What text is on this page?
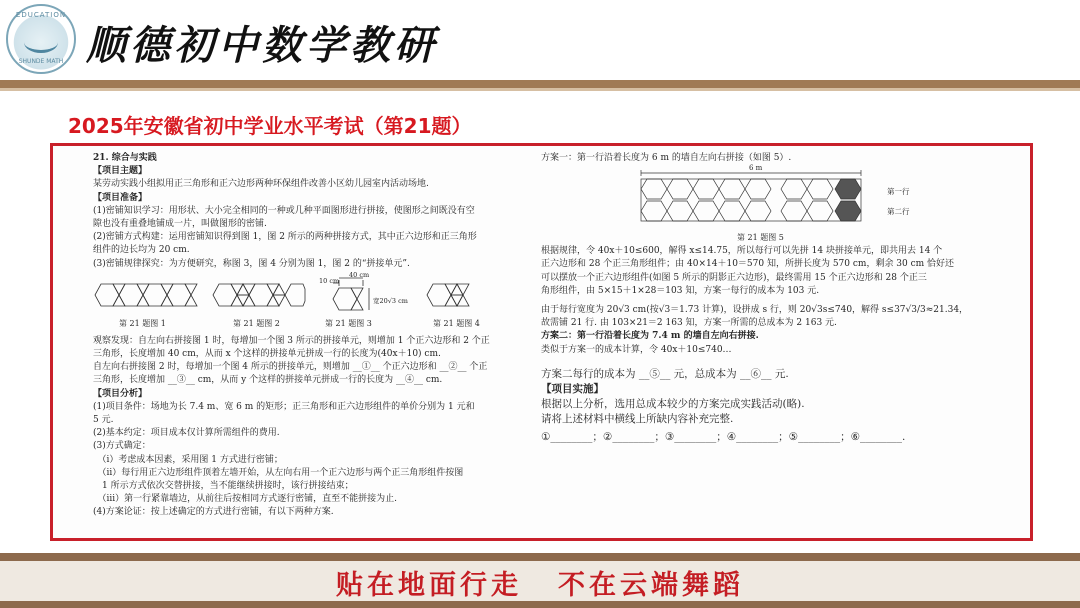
EDUCATION
SHUNDE MATH 顺德初中数学教研
2025年安徽省初中学业水平考试（第21题）

21. 综合与实践

【项目主题】

某劳动实践小组拟用正三角形和正六边形两种环保组件改善小区幼儿园室内活动场地.

【项目准备】

(1)密铺知识学习：用形状、大小完全相同的一种或几种平面图形进行拼接，使图形之间既没有空

隙也没有重叠地铺成一片，叫做图形的密铺.

(2)密铺方式构建：运用密铺知识得到图 1，图 2 所示的两种拼接方式，其中正六边形和正三角形

组件的边长均为 20 cm.

(3)密铺规律探究：为方便研究，称图 3，图 4 分别为图 1，图 2 的“拼接单元”.

第 21 题图 1	第 21 题图 2
10 cm
40 cm
宽20√3 cm
第 21 题图 3	第 21 题图 4

观察发现：自左向右拼接图 1 时，每增加一个图 3 所示的拼接单元，则增加 1 个正六边形和 2 个正

三角形，长度增加 40 cm，从而 x 个这样的拼接单元拼成一行的长度为(40x＋10) cm.

自左向右拼接图 2 时，每增加一个图 4 所示的拼接单元，则增加 __①__ 个正六边形和 __②__ 个正

三角形，长度增加 __③__ cm，从而 y 个这样的拼接单元拼成一行的长度为 __④__ cm.

【项目分析】

(1)项目条件：场地为长 7.4 m、宽 6 m 的矩形；正三角形和正六边形组件的单价分别为 1 元和

5 元.

(2)基本约定：项目成本仅计算所需组件的费用.

(3)方式确定：

　（ⅰ）考虑成本因素，采用图 1 方式进行密铺；

　（ⅱ）每行用正六边形组件顶着左墙开始，从左向右用一个正六边形与两个正三角形组件按图

　1 所示方式依次交替拼接，当不能继续拼接时，该行拼接结束；

　（ⅲ）第一行紧靠墙边，从前往后按相同方式逐行密铺，直至不能拼接为止.

(4)方案论证：按上述确定的方式进行密铺，有以下两种方案.

方案一：第一行沿着长度为 6 m 的墙自左向右拼接（如图 5）.

6 m
第一行
第二行
第 21 题图 5

根据规律，令 40x＋10≤600，解得 x≤14.75，所以每行可以先拼 14 块拼接单元，即共用去 14 个

正六边形和 28 个正三角形组件；由 40×14＋10＝570 知，所拼长度为 570 cm，剩余 30 cm 恰好还

可以摆放一个正六边形组件(如图 5 所示的阴影正六边形)，最终需用 15 个正六边形和 28 个正三

角形组件，由 5×15＋1×28＝103 知，方案一每行的成本为 103 元.

由于每行宽度为 20√3 cm(按√3＝1.73 计算)，设拼成 s 行，则 20√3s≤740，解得 s≤37√3/3≈21.34，

故需铺 21 行. 由 103×21＝2 163 知，方案一所需的总成本为 2 163 元.

方案二：第一行沿着长度为 7.4 m 的墙自左向右拼接.

类似于方案一的成本计算，令 40x＋10≤740…

方案二每行的成本为 __⑤__ 元，总成本为 __⑥__ 元.

【项目实施】

根据以上分析，选用总成本较少的方案完成实践活动(略).

请将上述材料中横线上所缺内容补充完整.

①________；②________；③________；④________；⑤________；⑥________.

贴在地面行走 不在云端舞蹈
